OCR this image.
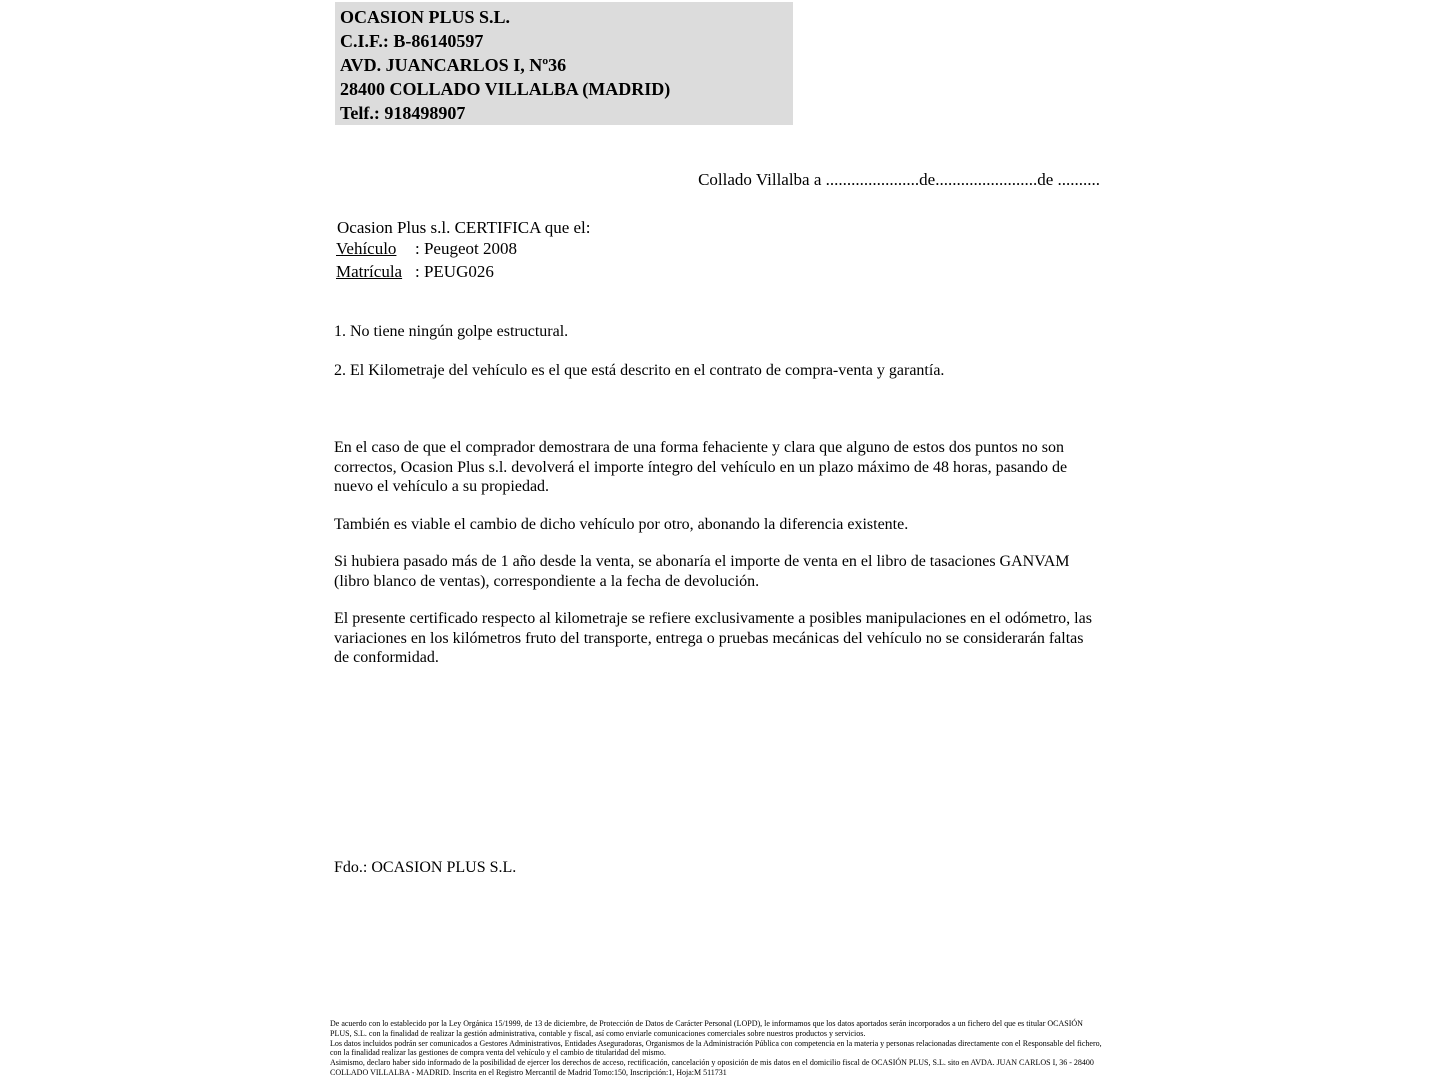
OCASION PLUS S.L.
C.I.F.: B-86140597
AVD. JUANCARLOS I, Nº36
28400 COLLADO VILLALBA (MADRID)
Telf.: 918498907
Collado Villalba a ......................de........................de ..........
Ocasion Plus s.l. CERTIFICA que el:
Vehículo : Peugeot 2008
Matrícula : PEUG026
1. No tiene ningún golpe estructural.
2. El Kilometraje del vehículo es el que está descrito en el contrato de compra-venta y garantía.

En el caso de que el comprador demostrara de una forma fehaciente y clara que alguno de estos dos puntos no son correctos, Ocasion Plus s.l. devolverá el importe íntegro del vehículo en un plazo máximo de 48 horas, pasando de nuevo el vehículo a su propiedad.

También es viable el cambio de dicho vehículo por otro, abonando la diferencia existente.

Si hubiera pasado más de 1 año desde la venta, se abonaría el importe de venta en el libro de tasaciones GANVAM (libro blanco de ventas), correspondiente a la fecha de devolución.

El presente certificado respecto al kilometraje se refiere exclusivamente a posibles manipulaciones en el odómetro, las variaciones en los kilómetros fruto del transporte, entrega o pruebas mecánicas del vehículo no se considerarán faltas de conformidad.

Fdo.: OCASION PLUS S.L.

De acuerdo con lo establecido por la Ley Orgánica 15/1999, de 13 de diciembre, de Protección de Datos de Carácter Personal (LOPD), le informamos que los datos aportados serán incorporados a un fichero del que es titular OCASIÓN PLUS, S.L. con la finalidad de realizar la gestión administrativa, contable y fiscal, así como enviarle comunicaciones comerciales sobre nuestros productos y servicios.

Los datos incluidos podrán ser comunicados a Gestores Administrativos, Entidades Aseguradoras, Organismos de la Administración Pública con competencia en la materia y personas relacionadas directamente con el Responsable del fichero, con la finalidad realizar las gestiones de compra venta del vehículo y el cambio de titularidad del mismo.

Asimismo, declaro haber sido informado de la posibilidad de ejercer los derechos de acceso, rectificación, cancelación y oposición de mis datos en el domicilio fiscal de OCASIÓN PLUS, S.L. sito en AVDA. JUAN CARLOS I, 36 - 28400 COLLADO VILLALBA - MADRID. Inscrita en el Registro Mercantil de Madrid Tomo:150, Inscripción:1, Hoja:M 511731
